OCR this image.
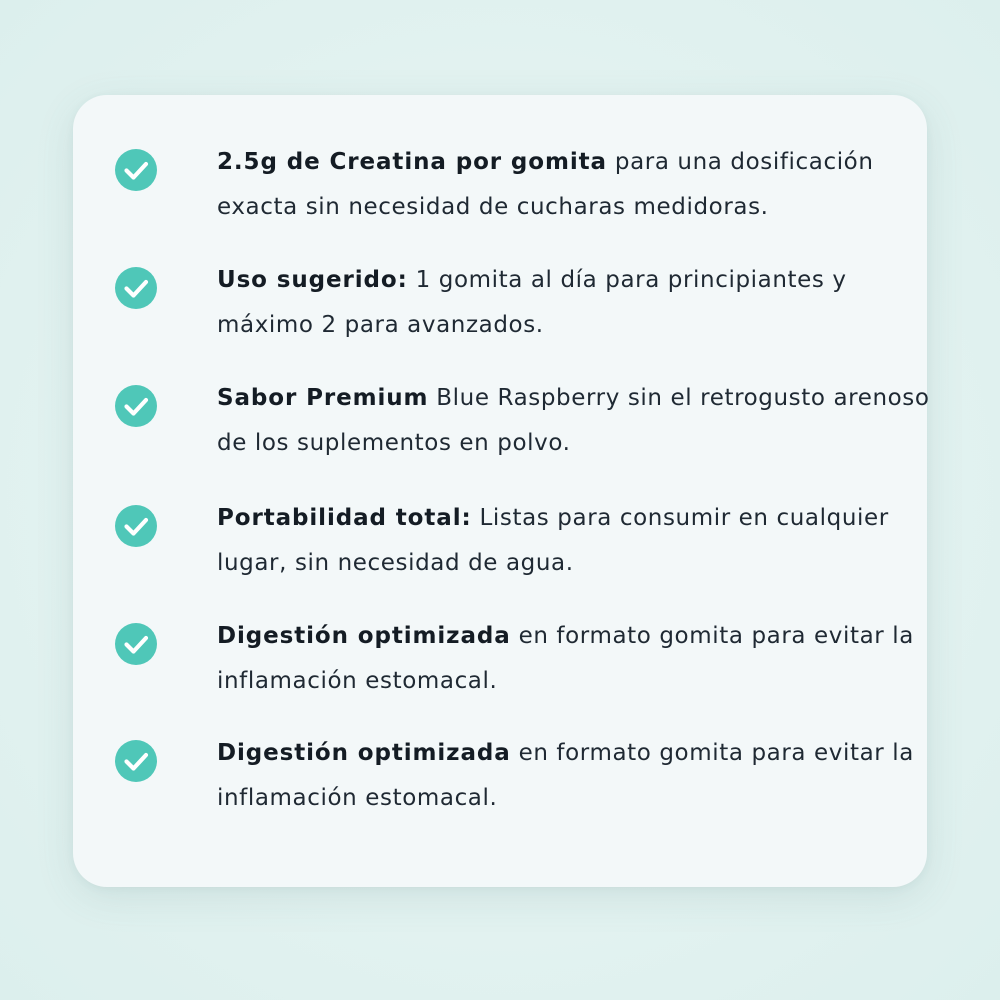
2.5g de Creatina por gomita para una dosificación exacta sin necesidad de cucharas medidoras.
Uso sugerido: 1 gomita al día para principiantes y máximo 2 para avanzados.
Sabor Premium Blue Raspberry sin el retrogusto arenoso de los suplementos en polvo.
Portabilidad total: Listas para consumir en cualquier lugar, sin necesidad de agua.
Digestión optimizada en formato gomita para evitar la inflamación estomacal.
Digestión optimizada en formato gomita para evitar la inflamación estomacal.
